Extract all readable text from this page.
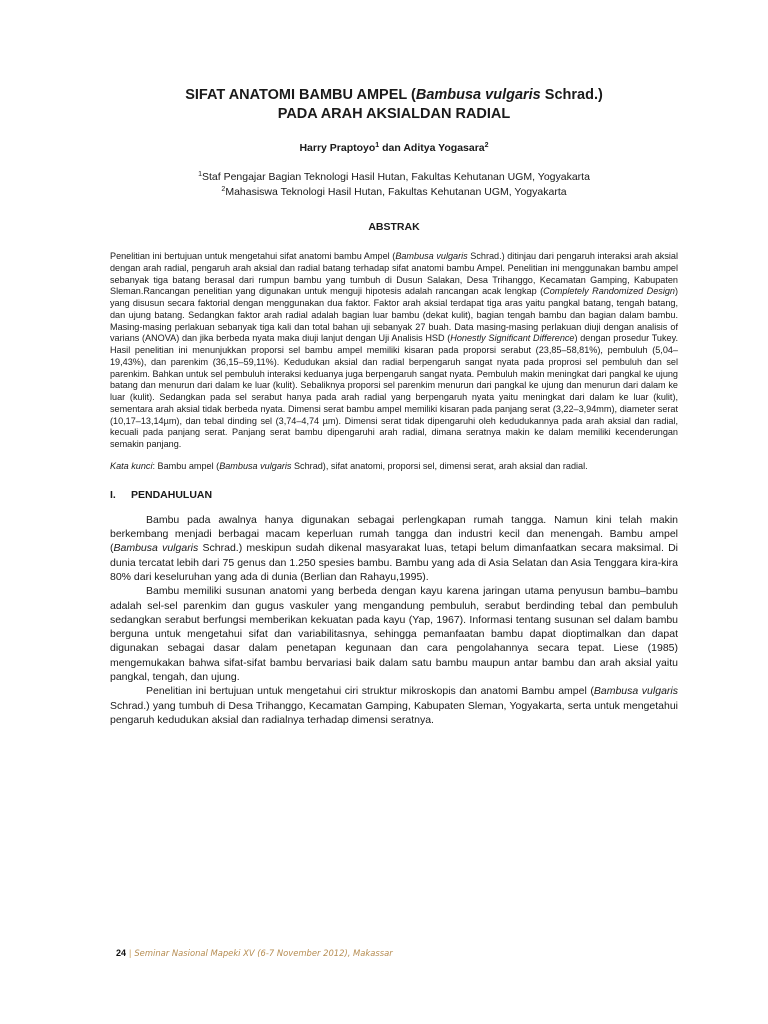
SIFAT ANATOMI BAMBU AMPEL (Bambusa vulgaris Schrad.)
PADA ARAH AKSIALDAN RADIAL
Harry Praptoyo$^1$ dan Aditya Yogasara$^2$
$^1$Staf Pengajar Bagian Teknologi Hasil Hutan, Fakultas Kehutanan UGM, Yogyakarta
$^2$Mahasiswa Teknologi Hasil Hutan, Fakultas Kehutanan UGM, Yogyakarta
ABSTRAK

Penelitian ini bertujuan untuk mengetahui sifat anatomi bambu Ampel (Bambusa vulgaris Schrad.) ditinjau dari pengaruh interaksi arah aksial dengan arah radial, pengaruh arah aksial dan radial batang terhadap sifat anatomi bambu Ampel. Penelitian ini menggunakan bambu ampel sebanyak tiga batang berasal dari rumpun bambu yang tumbuh di Dusun Salakan, Desa Trihanggo, Kecamatan Gamping, Kabupaten Sleman.Rancangan penelitian yang digunakan untuk menguji hipotesis adalah rancangan acak lengkap (Completely Randomized Design) yang disusun secara faktorial dengan menggunakan dua faktor. Faktor arah aksial terdapat tiga aras yaitu pangkal batang, tengah batang, dan ujung batang. Sedangkan faktor arah radial adalah bagian luar bambu (dekat kulit), bagian tengah bambu dan bagian dalam bambu. Masing-masing perlakuan sebanyak tiga kali dan total bahan uji sebanyak 27 buah. Data masing-masing perlakuan diuji dengan analisis of varians (ANOVA) dan jika berbeda nyata maka diuji lanjut dengan Uji Analisis HSD (Honestly Significant Difference) dengan prosedur Tukey. Hasil penelitian ini menunjukkan proporsi sel bambu ampel memiliki kisaran pada proporsi serabut (23,85–58,81%), pembuluh (5,04–19,43%), dan parenkim (36,15–59,11%). Kedudukan aksial dan radial berpengaruh sangat nyata pada proprosi sel pembuluh dan sel parenkim. Bahkan untuk sel pembuluh interaksi keduanya juga berpengaruh sangat nyata. Pembuluh makin meningkat dari pangkal ke ujung batang dan menurun dari dalam ke luar (kulit). Sebaliknya proporsi sel parenkim menurun dari pangkal ke ujung dan menurun dari dalam ke luar (kulit). Sedangkan pada sel serabut hanya pada arah radial yang berpengaruh nyata yaitu meningkat dari dalam ke luar (kulit), sementara arah aksial tidak berbeda nyata. Dimensi serat bambu ampel memiliki kisaran pada panjang serat (3,22–3,94mm), diameter serat (10,17–13,14µm), dan tebal dinding sel (3,74–4,74 µm). Dimensi serat tidak dipengaruhi oleh kedudukannya pada arah aksial dan radial, kecuali pada panjang serat. Panjang serat bambu dipengaruhi arah radial, dimana seratnya makin ke dalam memiliki kecenderungan semakin panjang.

Kata kunci: Bambu ampel (Bambusa vulgaris Schrad), sifat anatomi, proporsi sel, dimensi serat, arah aksial dan radial.
I. PENDAHULUAN

Bambu pada awalnya hanya digunakan sebagai perlengkapan rumah tangga. Namun kini telah makin berkembang menjadi berbagai macam keperluan rumah tangga dan industri kecil dan menengah. Bambu ampel (Bambusa vulgaris Schrad.) meskipun sudah dikenal masyarakat luas, tetapi belum dimanfaatkan secara maksimal. Di dunia tercatat lebih dari 75 genus dan 1.250 spesies bambu. Bambu yang ada di Asia Selatan dan Asia Tenggara kira-kira 80% dari keseluruhan yang ada di dunia (Berlian dan Rahayu,1995).

Bambu memiliki susunan anatomi yang berbeda dengan kayu karena jaringan utama penyusun bambu–bambu adalah sel-sel parenkim dan gugus vaskuler yang mengandung pembuluh, serabut berdinding tebal dan pembuluh sedangkan serabut berfungsi memberikan kekuatan pada kayu (Yap, 1967). Informasi tentang susunan sel dalam bambu berguna untuk mengetahui sifat dan variabilitasnya, sehingga pemanfaatan bambu dapat dioptimalkan dan dapat digunakan sebagai dasar dalam penetapan kegunaan dan cara pengolahannya secara tepat. Liese (1985) mengemukakan bahwa sifat-sifat bambu bervariasi baik dalam satu bambu maupun antar bambu dan arah aksial yaitu pangkal, tengah, dan ujung.

Penelitian ini bertujuan untuk mengetahui ciri struktur mikroskopis dan anatomi Bambu ampel (Bambusa vulgaris Schrad.) yang tumbuh di Desa Trihanggo, Kecamatan Gamping, Kabupaten Sleman, Yogyakarta, serta untuk mengetahui pengaruh kedudukan aksial dan radialnya terhadap dimensi seratnya.

24 | Seminar Nasional Mapeki XV (6-7 November 2012), Makassar
